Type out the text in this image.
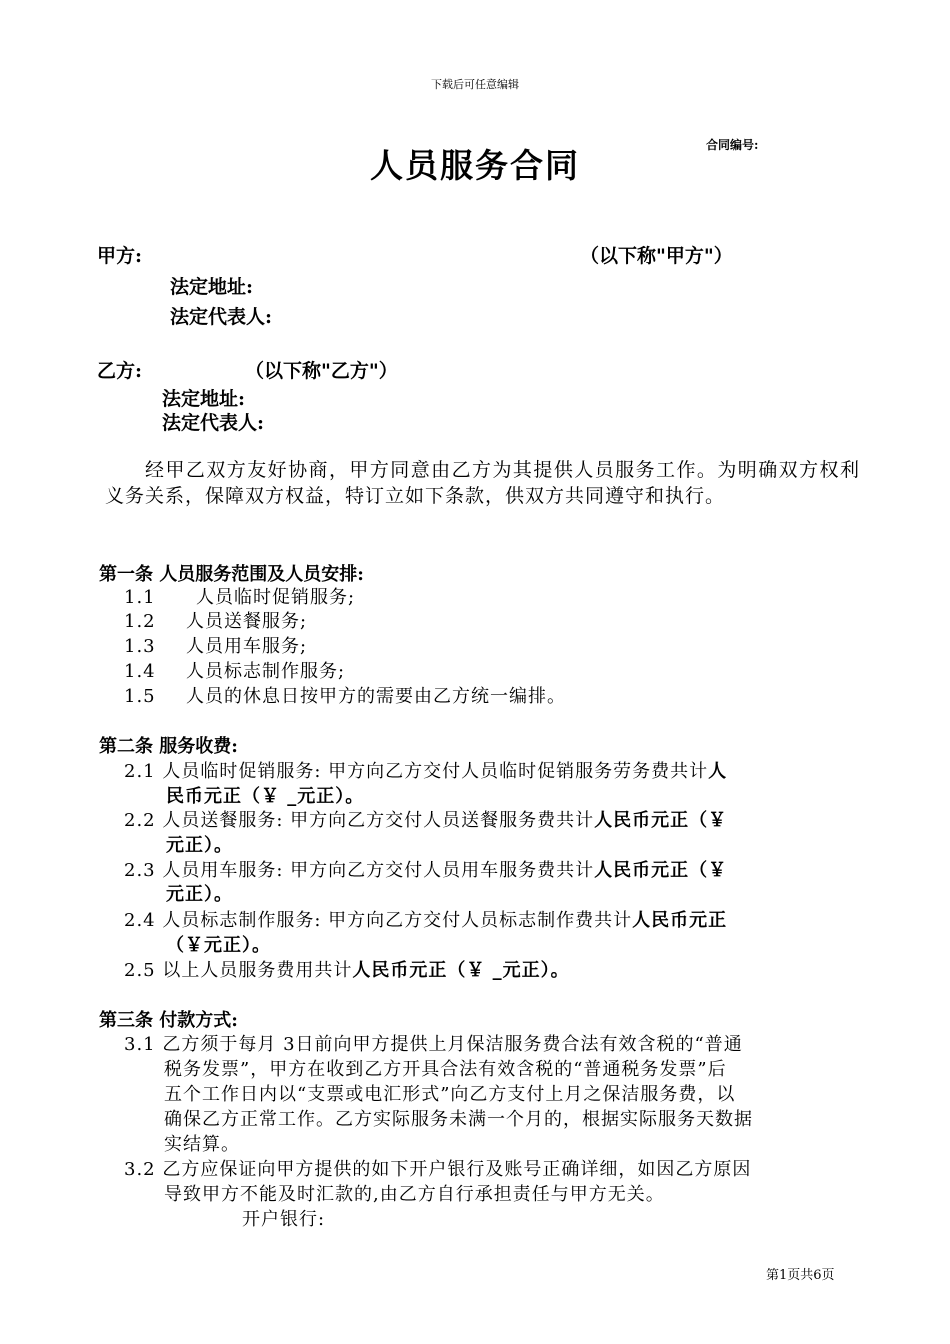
下载后可任意编辑
人员服务合同
合同编号:
甲方:	（以下称"甲方"）
法定地址:
法定代表人:
乙方:	（以下称"乙方"）
法定地址:
法定代表人:
经甲乙双方友好协商，甲方同意由乙方为其提供人员服务工作。为明确双方权利义务关系，保障双方权益，特订立如下条款，供双方共同遵守和执行。
第一条 人员服务范围及人员安排:
1.1 人员临时促销服务;
1.2 人员送餐服务;
1.3 人员用车服务;
1.4 人员标志制作服务;
1.5 人员的休息日按甲方的需要由乙方统一编排。
第二条 服务收费:
2.1 人员临时促销服务: 甲方向乙方交付人员临时促销服务劳务费共计人
民币元正（￥ _元正）。
2.2 人员送餐服务: 甲方向乙方交付人员送餐服务费共计人民币元正（￥
元正）。
2.3 人员用车服务: 甲方向乙方交付人员用车服务费共计人民币元正（￥
元正）。
2.4 人员标志制作服务: 甲方向乙方交付人员标志制作费共计人民币元正
（￥元正）。
2.5 以上人员服务费用共计人民币元正（￥ _元正）。
第三条 付款方式:
3.1 乙方须于每月 3日前向甲方提供上月保洁服务费合法有效含税的“普通
税务发票”，甲方在收到乙方开具合法有效含税的“普通税务发票”后
五个工作日内以“支票或电汇形式”向乙方支付上月之保洁服务费，以
确保乙方正常工作。乙方实际服务未满一个月的，根据实际服务天数据
实结算。
3.2 乙方应保证向甲方提供的如下开户银行及账号正确详细，如因乙方原因
导致甲方不能及时汇款的,由乙方自行承担责任与甲方无关。
开户银行:
第1页共6页
